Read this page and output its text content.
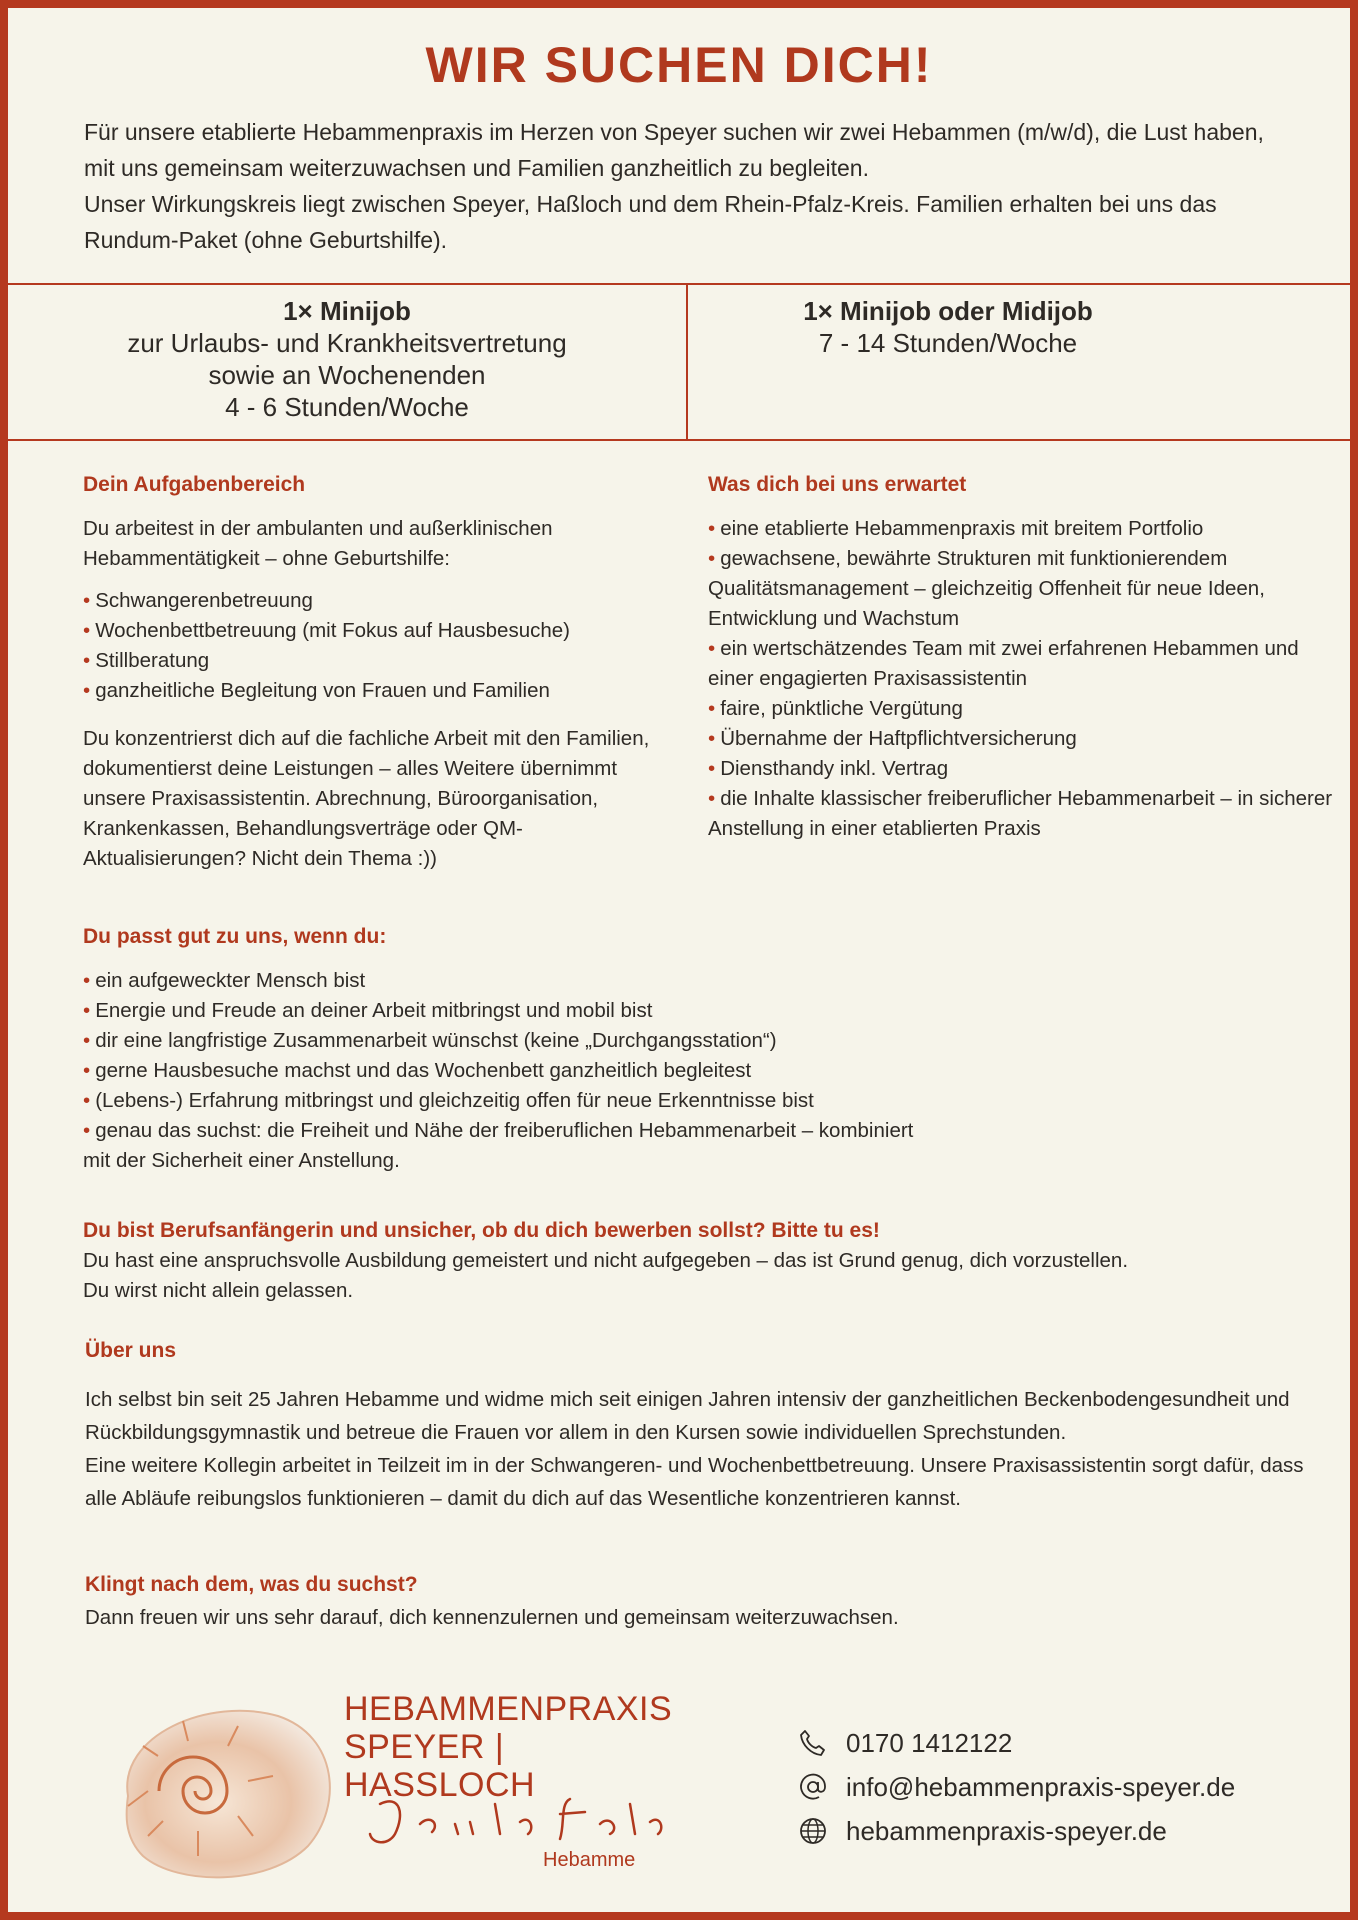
WIR SUCHEN DICH!

Für unsere etablierte Hebammenpraxis im Herzen von Speyer suchen wir zwei Hebammen (m/w/d), die Lust haben, mit uns gemeinsam weiterzuwachsen und Familien ganzheitlich zu begleiten.

Unser Wirkungskreis liegt zwischen Speyer, Haßloch und dem Rhein-Pfalz-Kreis. Familien erhalten bei uns das Rundum-Paket (ohne Geburtshilfe).

1× Minijob
zur Urlaubs- und Krankheitsvertretung
sowie an Wochenenden
4 - 6 Stunden/Woche
1× Minijob oder Midijob
7 - 14 Stunden/Woche
Dein Aufgabenbereich

Du arbeitest in der ambulanten und außerklinischen Hebammentätigkeit – ohne Geburtshilfe:

• Schwangerenbetreuung
• Wochenbettbetreuung (mit Fokus auf Hausbesuche)
• Stillberatung
• ganzheitliche Begleitung von Frauen und Familien

Du konzentrierst dich auf die fachliche Arbeit mit den Familien, dokumentierst deine Leistungen – alles Weitere übernimmt unsere Praxisassistentin. Abrechnung, Büroorganisation, Krankenkassen, Behandlungsverträge oder QM-Aktualisierungen? Nicht dein Thema :))

Was dich bei uns erwartet
• eine etablierte Hebammenpraxis mit breitem Portfolio
• gewachsene, bewährte Strukturen mit funktionierendem Qualitätsmanagement – gleichzeitig Offenheit für neue Ideen, Entwicklung und Wachstum
• ein wertschätzendes Team mit zwei erfahrenen Hebammen und einer engagierten Praxisassistentin
• faire, pünktliche Vergütung
• Übernahme der Haftpflichtversicherung
• Diensthandy inkl. Vertrag
• die Inhalte klassischer freiberuflicher Hebammenarbeit – in sicherer Anstellung in einer etablierten Praxis
Du passt gut zu uns, wenn du:
• ein aufgeweckter Mensch bist
• Energie und Freude an deiner Arbeit mitbringst und mobil bist
• dir eine langfristige Zusammenarbeit wünschst (keine „Durchgangsstation“)
• gerne Hausbesuche machst und das Wochenbett ganzheitlich begleitest
• (Lebens-) Erfahrung mitbringst und gleichzeitig offen für neue Erkenntnisse bist
• genau das suchst: die Freiheit und Nähe der freiberuflichen Hebammenarbeit – kombiniert mit der Sicherheit einer Anstellung.
Du bist Berufsanfängerin und unsicher, ob du dich bewerben sollst? Bitte tu es!

Du hast eine anspruchsvolle Ausbildung gemeistert und nicht aufgegeben – das ist Grund genug, dich vorzustellen.

Du wirst nicht allein gelassen.

Über uns

Ich selbst bin seit 25 Jahren Hebamme und widme mich seit einigen Jahren intensiv der ganzheitlichen Beckenbodengesundheit und Rückbildungsgymnastik und betreue die Frauen vor allem in den Kursen sowie individuellen Sprechstunden.

Eine weitere Kollegin arbeitet in Teilzeit im in der Schwangeren- und Wochenbettbetreuung. Unsere Praxisassistentin sorgt dafür, dass alle Abläufe reibungslos funktionieren – damit du dich auf das Wesentliche konzentrieren kannst.

Klingt nach dem, was du suchst?

Dann freuen wir uns sehr darauf, dich kennenzulernen und gemeinsam weiterzuwachsen.

HEBAMMENPRAXIS
SPEYER | HASSLOCH
Hebamme
0170 1412122
info@hebammenpraxis-speyer.de
hebammenpraxis-speyer.de
